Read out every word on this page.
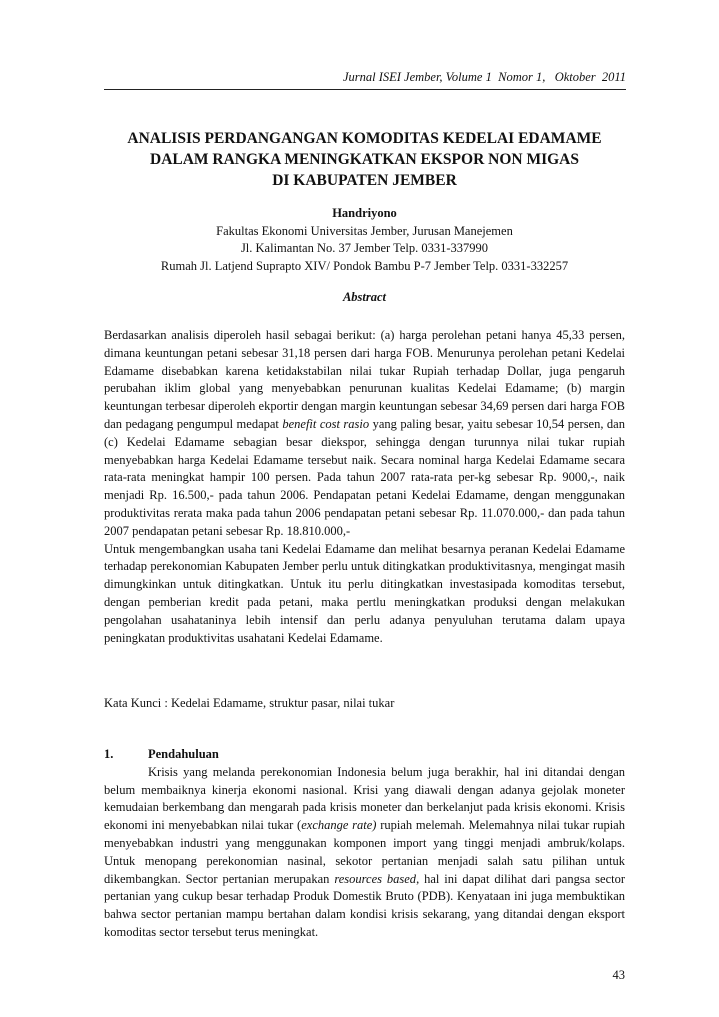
Jurnal ISEI Jember, Volume 1  Nomor 1,   Oktober  2011
ANALISIS PERDANGANGAN KOMODITAS KEDELAI EDAMAME
DALAM RANGKA MENINGKATKAN EKSPOR NON MIGAS
DI KABUPATEN JEMBER
Handriyono
Fakultas Ekonomi Universitas Jember, Jurusan Manejemen
Jl. Kalimantan No. 37 Jember Telp. 0331-337990
Rumah Jl. Latjend Suprapto XIV/ Pondok Bambu P-7 Jember Telp. 0331-332257
Abstract

Berdasarkan analisis diperoleh hasil sebagai berikut: (a) harga perolehan petani hanya 45,33 persen, dimana keuntungan petani sebesar 31,18 persen dari harga FOB. Menurunya perolehan petani Kedelai Edamame disebabkan karena ketidakstabilan nilai tukar Rupiah terhadap Dollar, juga pengaruh perubahan iklim global yang menyebabkan penurunan kualitas Kedelai Edamame; (b) margin keuntungan terbesar diperoleh ekportir dengan margin keuntungan sebesar 34,69 persen dari harga FOB dan pedagang pengumpul medapat benefit cost rasio yang paling besar, yaitu sebesar 10,54 persen, dan (c) Kedelai Edamame sebagian besar diekspor, sehingga dengan turunnya nilai tukar rupiah menyebabkan harga Kedelai Edamame tersebut naik. Secara nominal harga Kedelai Edamame secara rata-rata meningkat hampir 100 persen. Pada tahun 2007 rata-rata per-kg sebesar Rp. 9000,-, naik menjadi Rp. 16.500,- pada tahun 2006. Pendapatan petani Kedelai Edamame, dengan menggunakan produktivitas rerata maka pada tahun 2006 pendapatan petani sebesar Rp. 11.070.000,- dan pada tahun 2007 pendapatan petani sebesar Rp. 18.810.000,-

Untuk mengembangkan usaha tani Kedelai Edamame dan melihat besarnya peranan Kedelai Edamame terhadap perekonomian Kabupaten Jember perlu untuk ditingkatkan produktivitasnya, mengingat masih dimungkinkan untuk ditingkatkan. Untuk itu perlu ditingkatkan investasipada komoditas tersebut, dengan pemberian kredit pada petani, maka pertlu meningkatkan produksi dengan melakukan pengolahan usahataninya lebih intensif dan perlu adanya penyuluhan terutama dalam upaya peningkatan produktivitas usahatani Kedelai Edamame.

Kata Kunci : Kedelai Edamame, struktur pasar, nilai tukar
1.	Pendahuluan

Krisis yang melanda perekonomian Indonesia belum juga berakhir, hal ini ditandai dengan belum membaiknya kinerja ekonomi nasional. Krisi yang diawali dengan adanya gejolak moneter kemudaian berkembang dan mengarah pada krisis moneter dan berkelanjut pada krisis ekonomi. Krisis ekonomi ini menyebabkan nilai tukar (exchange rate) rupiah melemah. Melemahnya nilai tukar rupiah menyebabkan industri yang menggunakan komponen import yang tinggi menjadi ambruk/kolaps. Untuk menopang perekonomian nasinal, sekotor pertanian menjadi salah satu pilihan untuk dikembangkan. Sector pertanian merupakan resources based, hal ini dapat dilihat dari pangsa sector pertanian yang cukup besar terhadap Produk Domestik Bruto (PDB). Kenyataan ini juga membuktikan bahwa sector pertanian mampu bertahan dalam kondisi krisis sekarang, yang ditandai dengan eksport komoditas sector tersebut terus meningkat.

43
